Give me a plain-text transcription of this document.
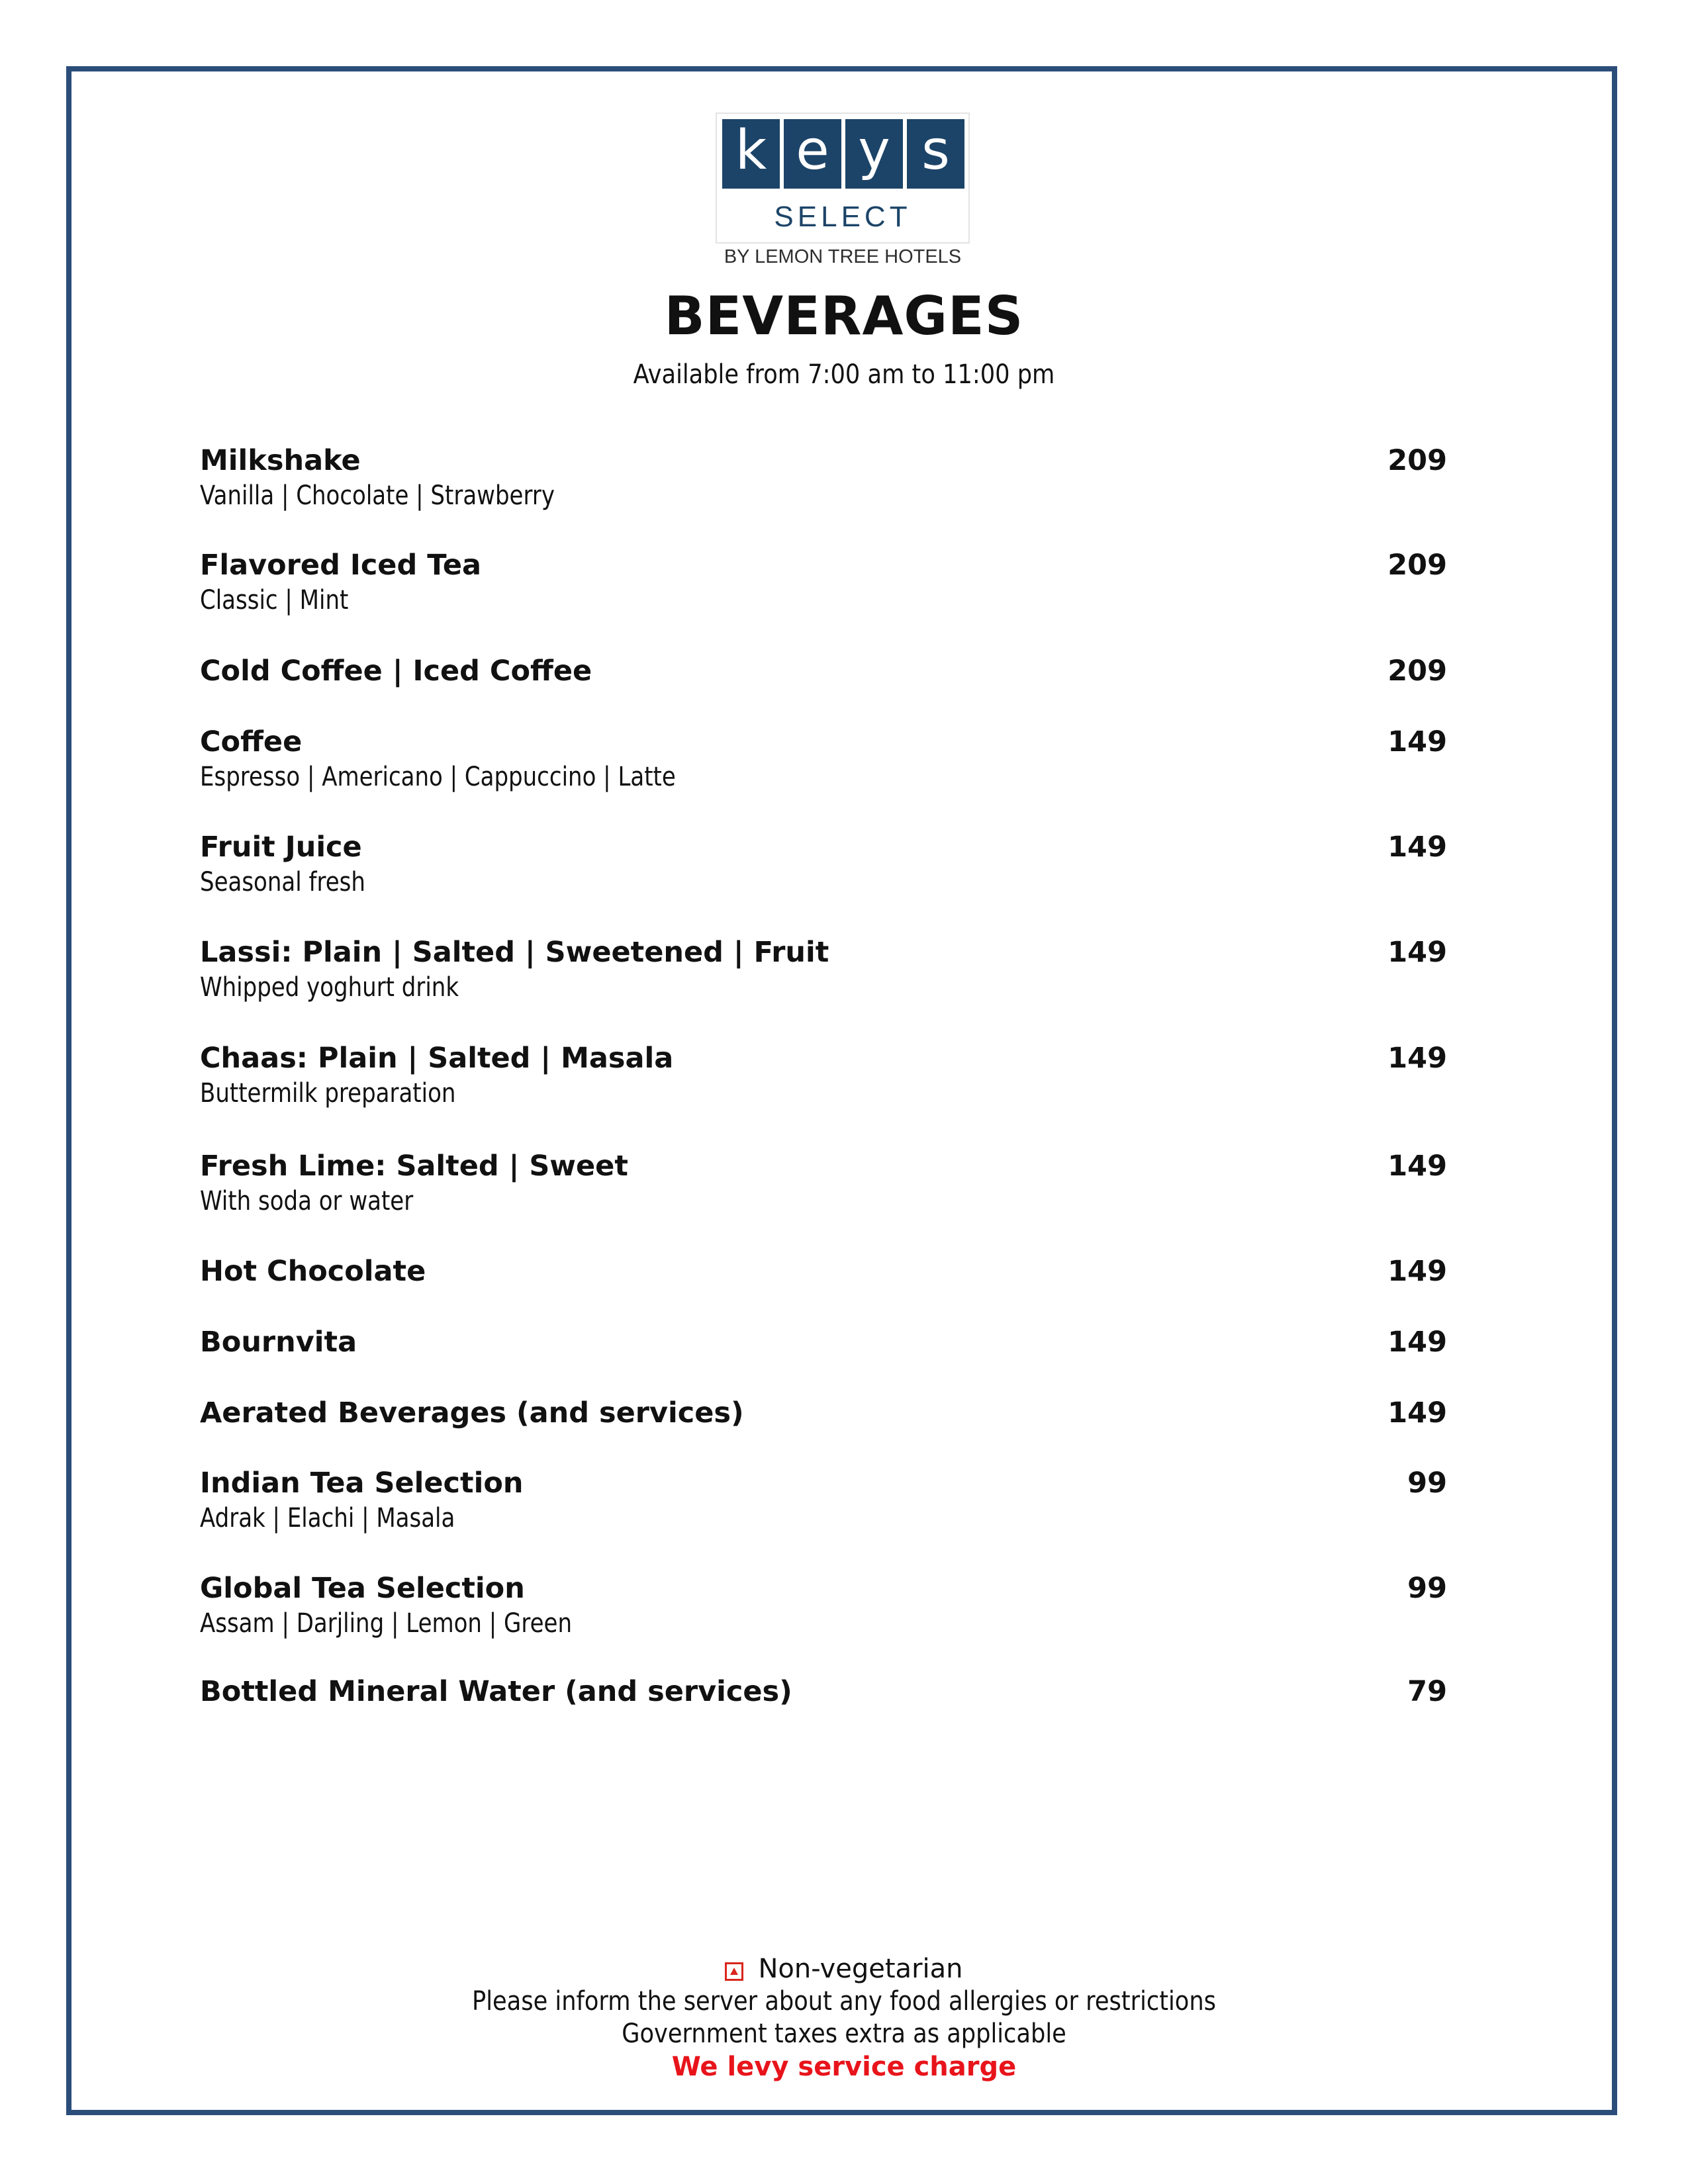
k e y s
SELECT
BY LEMON TREE HOTELS
BEVERAGES
Available from 7:00 am to 11:00 pm
Milkshake	209
Vanilla | Chocolate | Strawberry
Flavored Iced Tea	209
Classic | Mint
Cold Coffee | Iced Coffee	209
Coffee	149
Espresso | Americano | Cappuccino | Latte
Fruit Juice	149
Seasonal fresh
Lassi: Plain | Salted | Sweetened | Fruit	149
Whipped yoghurt drink
Chaas: Plain | Salted | Masala	149
Buttermilk preparation
Fresh Lime: Salted | Sweet	149
With soda or water
Hot Chocolate	149
Bournvita	149
Aerated Beverages (and services)	149
Indian Tea Selection	99
Adrak | Elachi | Masala
Global Tea Selection	99
Assam | Darjling | Lemon | Green
Bottled Mineral Water (and services)	79
Non-vegetarian
Please inform the server about any food allergies or restrictions
Government taxes extra as applicable
We levy service charge
